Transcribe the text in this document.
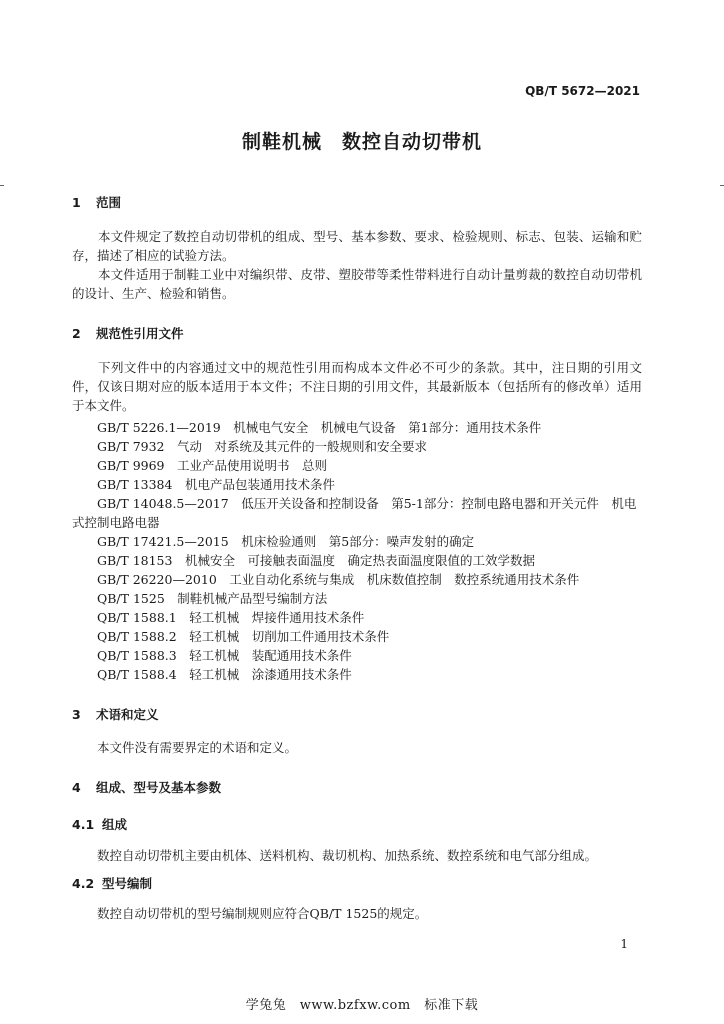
QB/T 5672—2021
制鞋机械　数控自动切带机
1 范围
本文件规定了数控自动切带机的组成、型号、基本参数、要求、检验规则、标志、包装、运输和贮存，描述了相应的试验方法。
本文件适用于制鞋工业中对编织带、皮带、塑胶带等柔性带料进行自动计量剪裁的数控自动切带机的设计、生产、检验和销售。
2 规范性引用文件
下列文件中的内容通过文中的规范性引用而构成本文件必不可少的条款。其中，注日期的引用文件，仅该日期对应的版本适用于本文件；不注日期的引用文件，其最新版本（包括所有的修改单）适用于本文件。
GB/T 5226.1—2019　机械电气安全　机械电气设备　第1部分：通用技术条件
GB/T 7932　气动　对系统及其元件的一般规则和安全要求
GB/T 9969　工业产品使用说明书　总则
GB/T 13384　机电产品包装通用技术条件
GB/T 14048.5—2017　低压开关设备和控制设备　第5-1部分：控制电路电器和开关元件　机电式控制电路电器
GB/T 17421.5—2015　机床检验通则　第5部分：噪声发射的确定
GB/T 18153　机械安全　可接触表面温度　确定热表面温度限值的工效学数据
GB/T 26220—2010　工业自动化系统与集成　机床数值控制　数控系统通用技术条件
QB/T 1525　制鞋机械产品型号编制方法
QB/T 1588.1　轻工机械　焊接件通用技术条件
QB/T 1588.2　轻工机械　切削加工件通用技术条件
QB/T 1588.3　轻工机械　装配通用技术条件
QB/T 1588.4　轻工机械　涂漆通用技术条件
3 术语和定义
本文件没有需要界定的术语和定义。
4 组成、型号及基本参数
4.1 组成
数控自动切带机主要由机体、送料机构、裁切机构、加热系统、数控系统和电气部分组成。
4.2 型号编制
数控自动切带机的型号编制规则应符合QB/T 1525的规定。
1
学兔兔　www.bzfxw.com　标准下载
